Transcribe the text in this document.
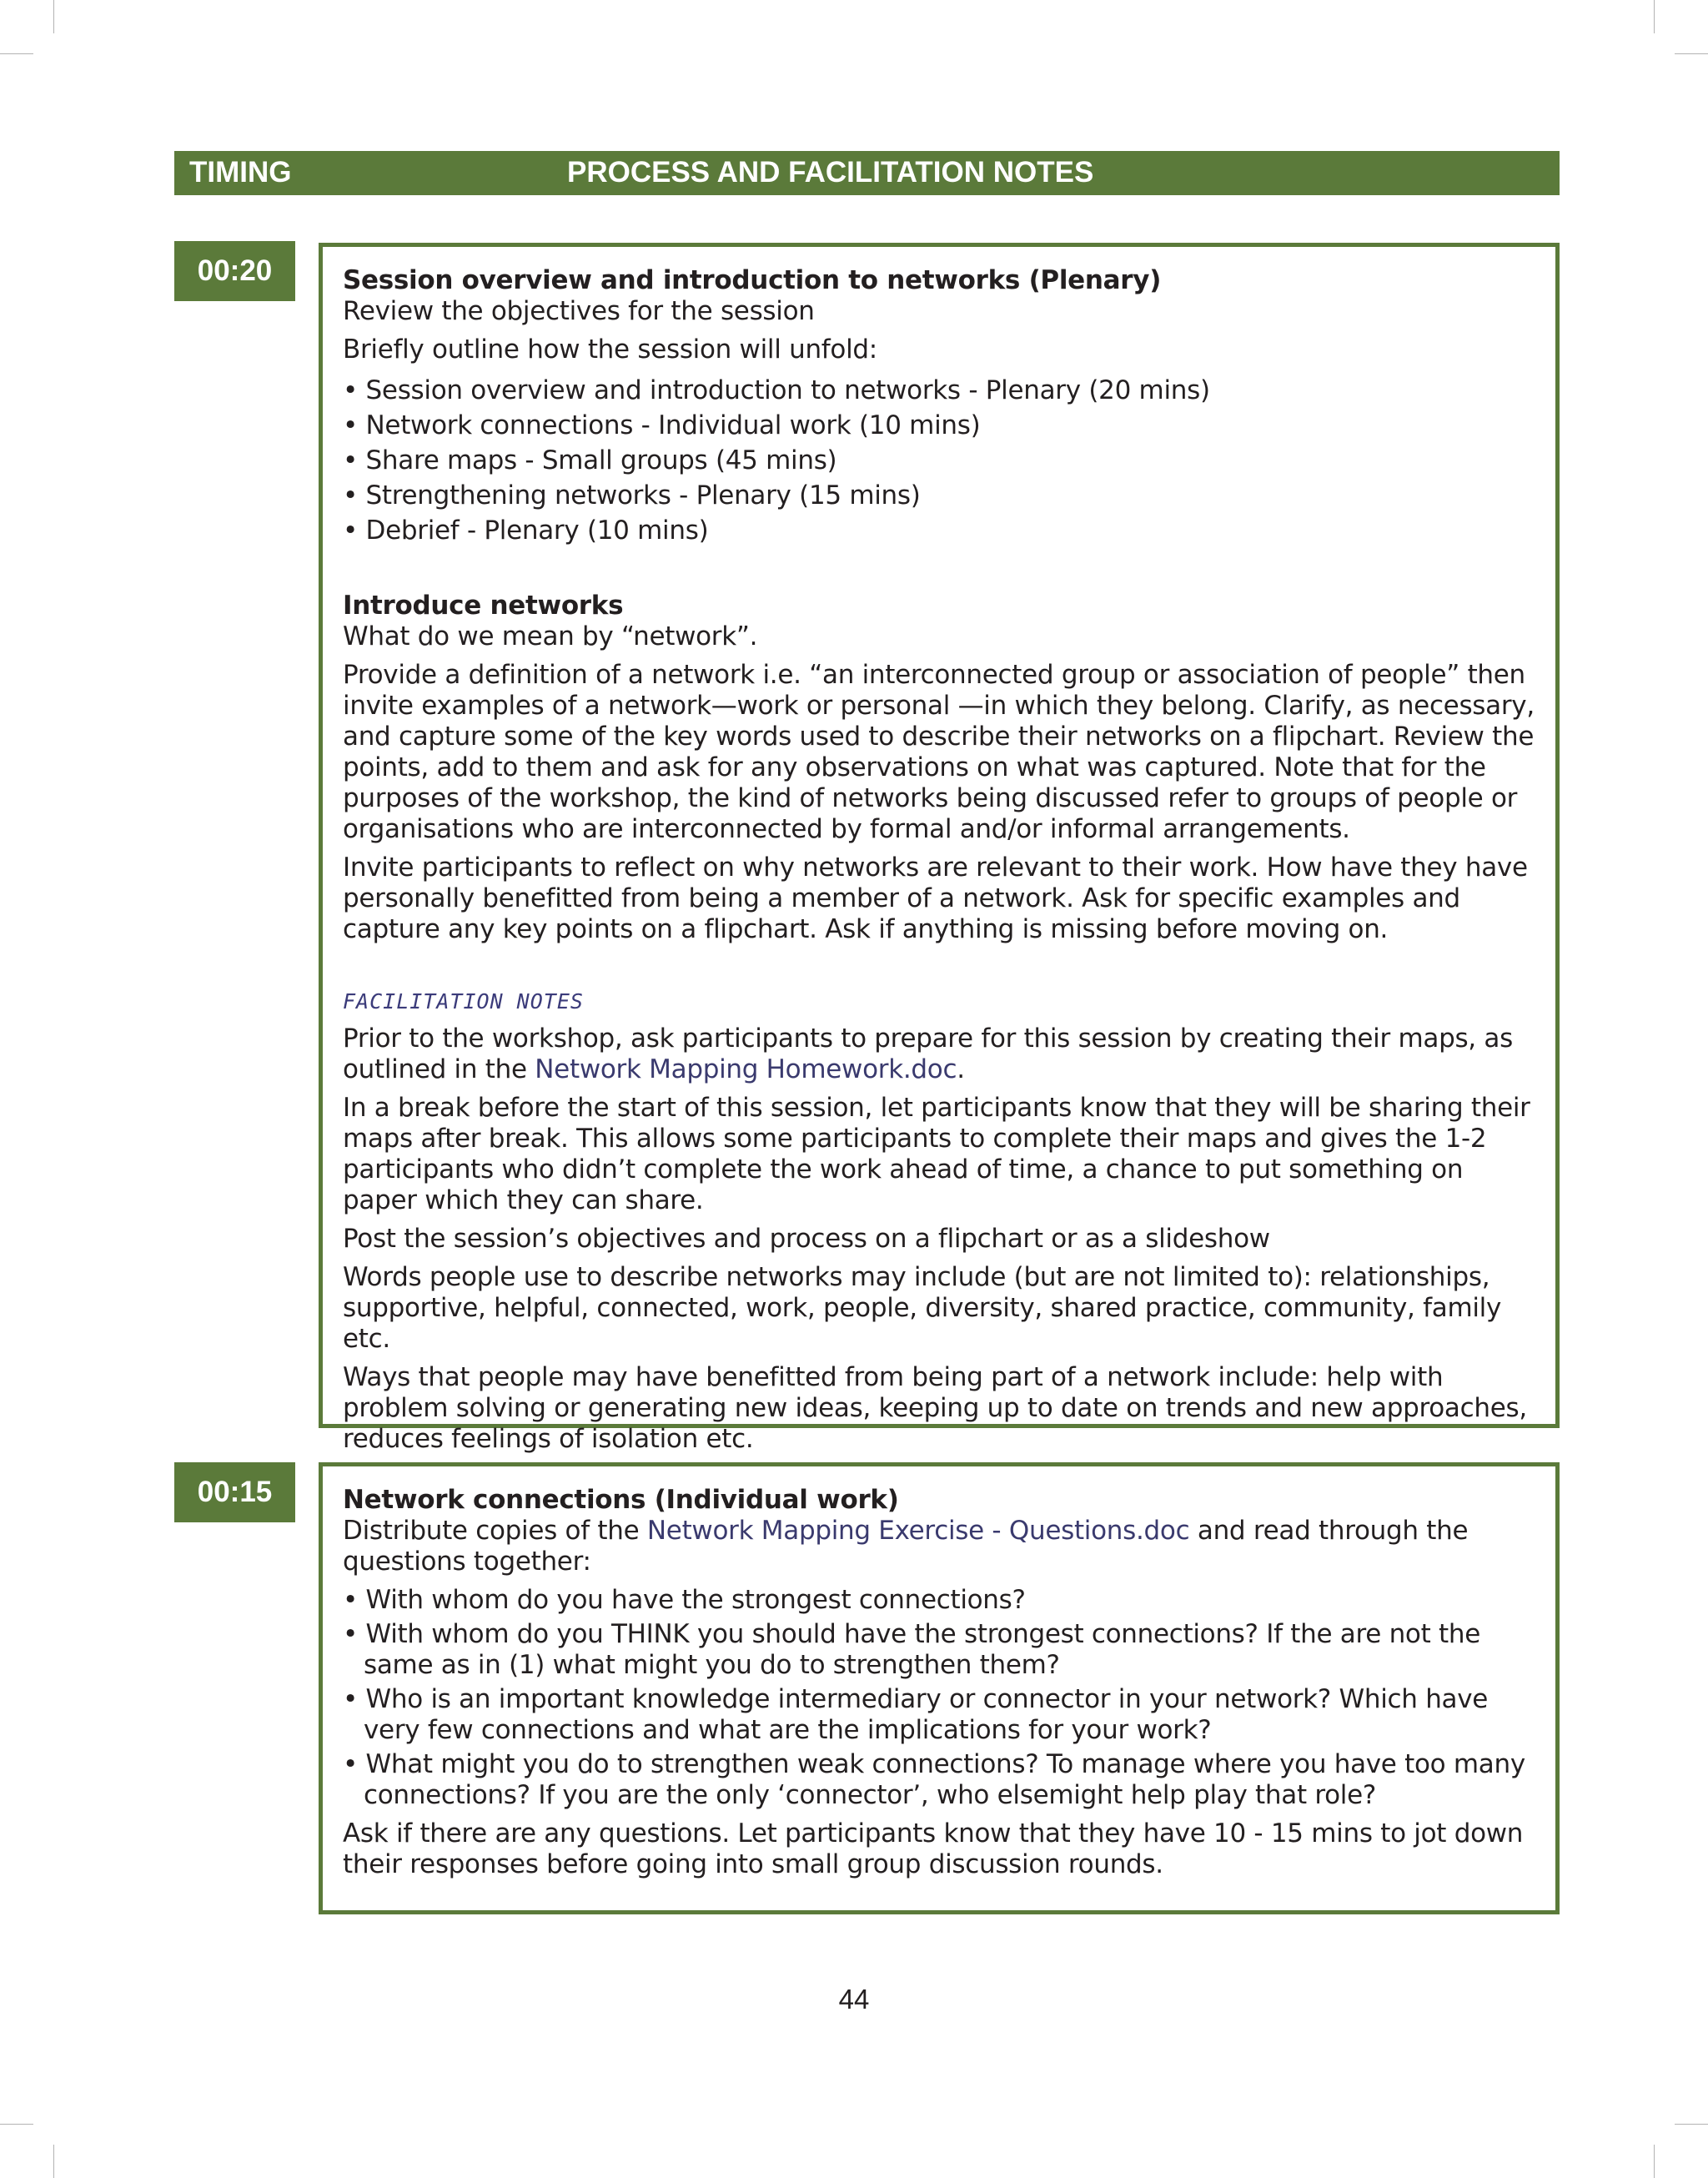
TIMING	PROCESS AND FACILITATION NOTES
00:20	Session overview and introduction to networks (Plenary)

Review the objectives for the session

Briefly outline how the session will unfold:

• Session overview and introduction to networks - Plenary (20 mins)
• Network connections - Individual work (10 mins)
• Share maps - Small groups (45 mins)
• Strengthening networks - Plenary (15 mins)
• Debrief - Plenary (10 mins)

Introduce networks

What do we mean by “network”.

Provide a definition of a network i.e. “an interconnected group or association of people” then invite examples of a network—work or personal —in which they belong. Clarify, as necessary, and capture some of the key words used to describe their networks on a flipchart. Review the points, add to them and ask for any observations on what was captured. Note that for the purposes of the workshop, the kind of networks being discussed refer to groups of people or organisations who are interconnected by formal and/or informal arrangements.

Invite participants to reflect on why networks are relevant to their work. How have they have personally benefitted from being a member of a network. Ask for specific examples and capture any key points on a flipchart. Ask if anything is missing before moving on.

FACILITATION NOTES

Prior to the workshop, ask participants to prepare for this session by creating their maps, as outlined in the Network Mapping Homework.doc.

In a break before the start of this session, let participants know that they will be sharing their maps after break. This allows some participants to complete their maps and gives the 1-2 participants who didn’t complete the work ahead of time, a chance to put something on paper which they can share.

Post the session’s objectives and process on a flipchart or as a slideshow

Words people use to describe networks may include (but are not limited to): relationships, supportive, helpful, connected, work, people, diversity, shared practice, community, family etc.

Ways that people may have benefitted from being part of a network include: help with problem solving or generating new ideas, keeping up to date on trends and new approaches, reduces feelings of isolation etc.

00:15	Network connections (Individual work)

Distribute copies of the Network Mapping Exercise - Questions.doc and read through the questions together:

• With whom do you have the strongest connections?
• With whom do you THINK you should have the strongest connections? If the are not the same as in (1) what might you do to strengthen them?
• Who is an important knowledge intermediary or connector in your network? Which have very few connections and what are the implications for your work?
• What might you do to strengthen weak connections? To manage where you have too many connections? If you are the only ‘connector’, who elsemight help play that role?

Ask if there are any questions. Let participants know that they have 10 - 15 mins to jot down their responses before going into small group discussion rounds.

44
